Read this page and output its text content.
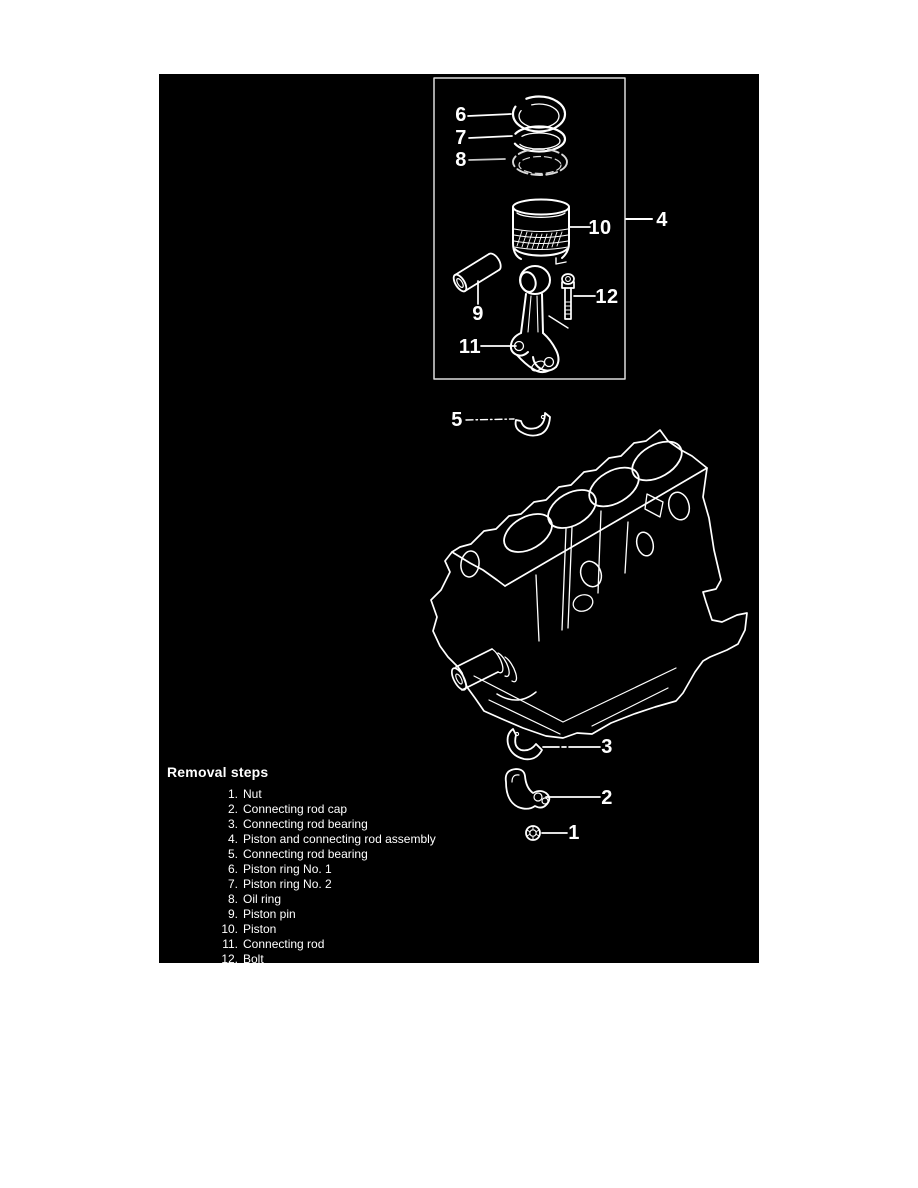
6
7
8
10
9
12
11
4
5
3
2
1
Removal steps
1. Nut
2. Connecting rod cap
3. Connecting rod bearing
4. Piston and connecting rod assembly
5. Connecting rod bearing
6. Piston ring No. 1
7. Piston ring No. 2
8. Oil ring
9. Piston pin
10. Piston
11. Connecting rod
12. Bolt
